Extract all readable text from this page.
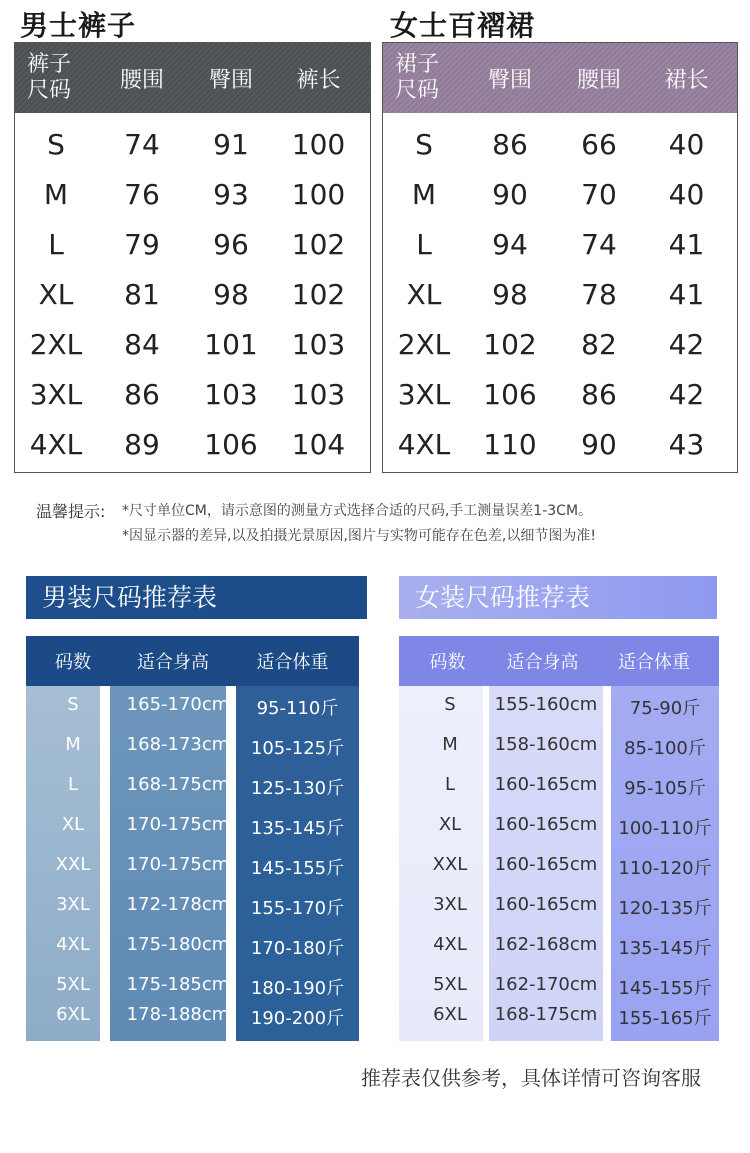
男士裤子	女士百褶裙
裤子
尺码	腰围	臀围	裤长
S	74	91	100
M	76	93	100
L	79	96	102
XL	81	98	102
2XL	84	101	103
3XL	86	103	103
4XL	89	106	104
裙子
尺码	臀围	腰围	裙长
S	86	66	40
M	90	70	40
L	94	74	41
XL	98	78	41
2XL	102	82	42
3XL	106	86	42
4XL	110	90	43
温馨提示: *尺寸单位CM，请示意图的测量方式选择合适的尺码,手工测量误差1-3CM。
*因显示器的差异,以及拍摄光景原因,图片与实物可能存在色差,以细节图为准!
男装尺码推荐表	女装尺码推荐表
码数	适合身高	适合体重
S	165-170cm	95-110斤
M	168-173cm	105-125斤
L	168-175cm	125-130斤
XL	170-175cm	135-145斤
XXL	170-175cm	145-155斤
3XL	172-178cm	155-170斤
4XL	175-180cm	170-180斤
5XL	175-185cm	180-190斤
6XL	178-188cm	190-200斤
码数	适合身高	适合体重
S	155-160cm	75-90斤
M	158-160cm	85-100斤
L	160-165cm	95-105斤
XL	160-165cm	100-110斤
XXL	160-165cm	110-120斤
3XL	160-165cm	120-135斤
4XL	162-168cm	135-145斤
5XL	162-170cm	145-155斤
6XL	168-175cm	155-165斤
推荐表仅供参考，具体详情可咨询客服
